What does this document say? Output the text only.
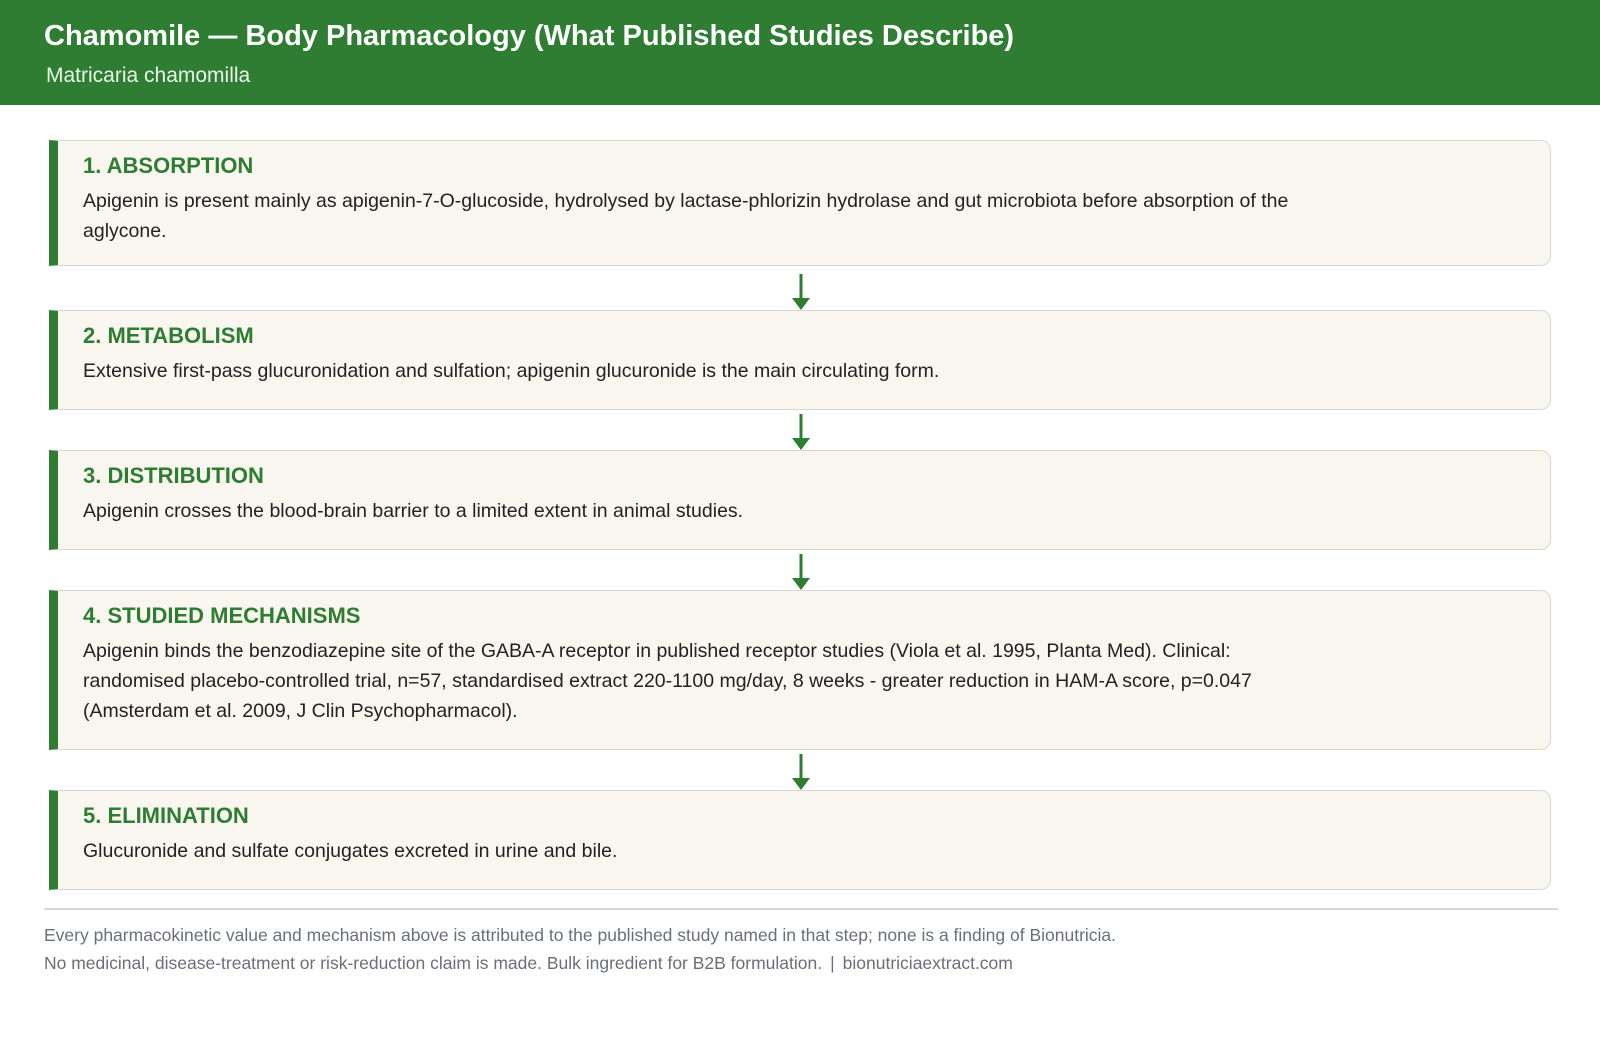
Chamomile — Body Pharmacology (What Published Studies Describe)
Matricaria chamomilla
1. ABSORPTION
Apigenin is present mainly as apigenin-7-O-glucoside, hydrolysed by lactase-phlorizin hydrolase and gut microbiota before absorption of the aglycone.
2. METABOLISM
Extensive first-pass glucuronidation and sulfation; apigenin glucuronide is the main circulating form.
3. DISTRIBUTION
Apigenin crosses the blood-brain barrier to a limited extent in animal studies.
4. STUDIED MECHANISMS
Apigenin binds the benzodiazepine site of the GABA-A receptor in published receptor studies (Viola et al. 1995, Planta Med). Clinical: randomised placebo-controlled trial, n=57, standardised extract 220-1100 mg/day, 8 weeks - greater reduction in HAM-A score, p=0.047 (Amsterdam et al. 2009, J Clin Psychopharmacol).
5. ELIMINATION
Glucuronide and sulfate conjugates excreted in urine and bile.
Every pharmacokinetic value and mechanism above is attributed to the published study named in that step; none is a finding of Bionutricia.
No medicinal, disease-treatment or risk-reduction claim is made. Bulk ingredient for B2B formulation. | bionutriciaextract.com
